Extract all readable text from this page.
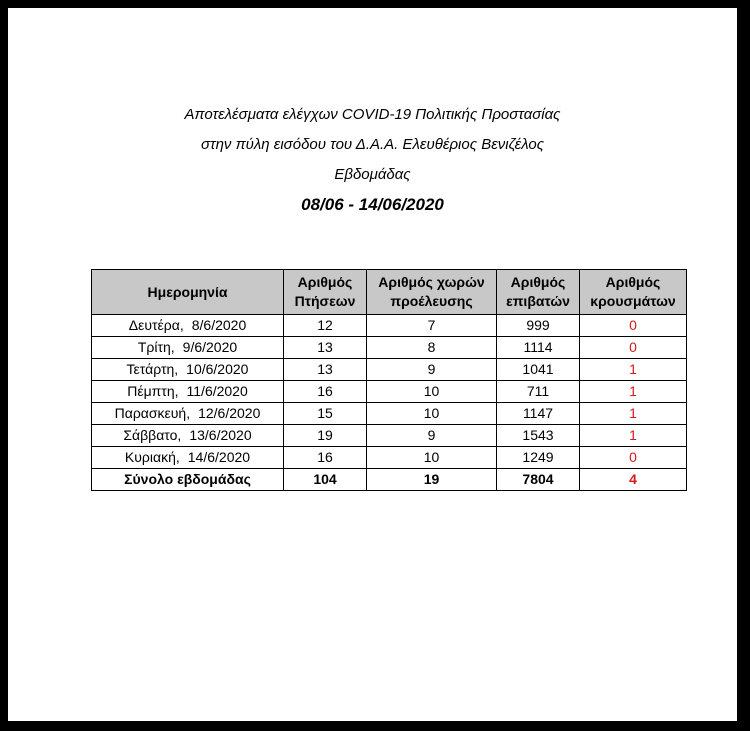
Αποτελέσματα ελέγχων COVID-19 Πολιτικής Προστασίας
στην πύλη εισόδου του Δ.Α.Α. Ελευθέριος Βενιζέλος
Εβδομάδας
08/06 - 14/06/2020
Ημερομηνία	Αριθμός Πτήσεων	Αριθμός χωρών προέλευσης	Αριθμός επιβατών	Αριθμός κρουσμάτων
Δευτέρα, 8/6/2020	12	7	999	0
Τρίτη, 9/6/2020	13	8	1114	0
Τετάρτη, 10/6/2020	13	9	1041	1
Πέμπτη, 11/6/2020	16	10	711	1
Παρασκευή, 12/6/2020	15	10	1147	1
Σάββατο, 13/6/2020	19	9	1543	1
Κυριακή, 14/6/2020	16	10	1249	0
Σύνολο εβδομάδας	104	19	7804	4
